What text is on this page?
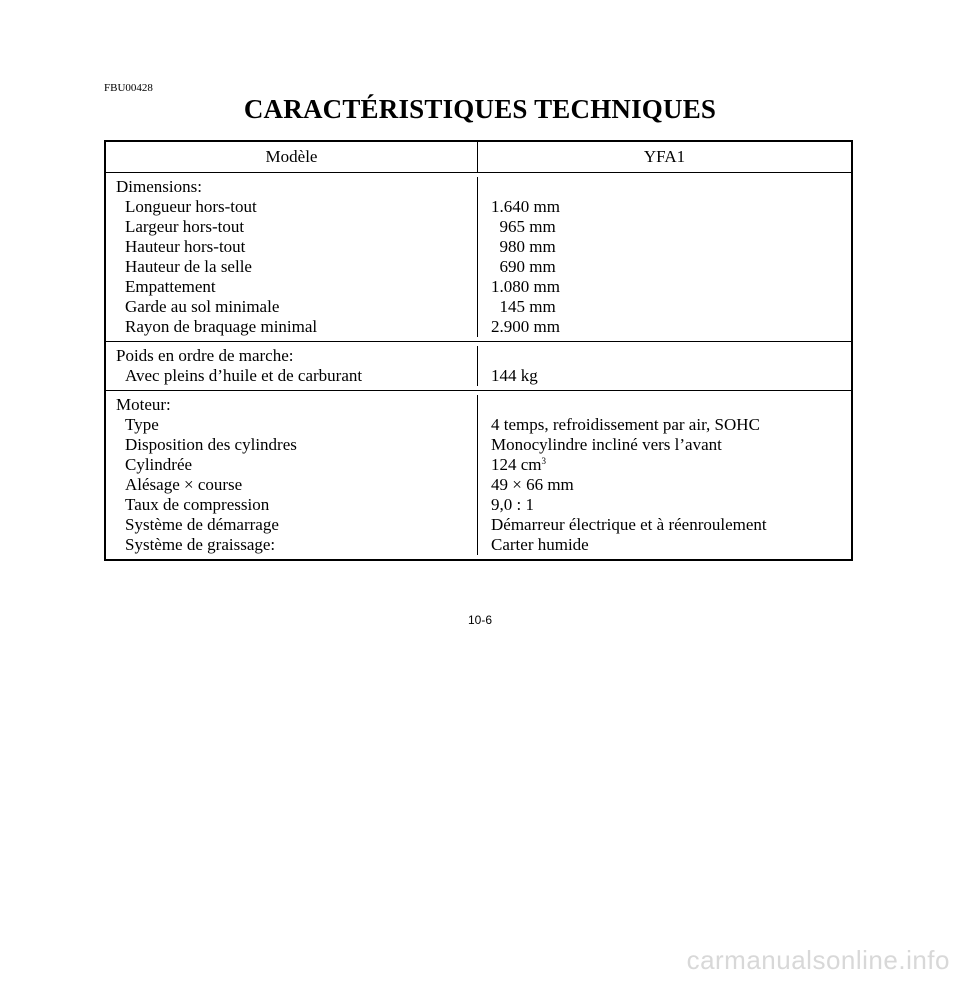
FBU00428
CARACTÉRISTIQUES TECHNIQUES
Modèle	YFA1
Dimensions:
Longueur hors-tout
Largeur hors-tout
Hauteur hors-tout
Hauteur de la selle
Empattement
Garde au sol minimale
Rayon de braquage minimal
1.640 mm
965 mm
980 mm
690 mm
1.080 mm
145 mm
2.900 mm
Poids en ordre de marche:
Avec pleins d’huile et de carburant	144 kg
Moteur:
Type
Disposition des cylindres
Cylindrée
Alésage × course
Taux de compression
Système de démarrage
Système de graissage:
4 temps, refroidissement par air, SOHC
Monocylindre incliné vers l’avant
124 $cm^3$
49 × 66 mm
9,0 : 1
Démarreur électrique et à réenroulement
Carter humide
10-6
carmanualsonline.info
